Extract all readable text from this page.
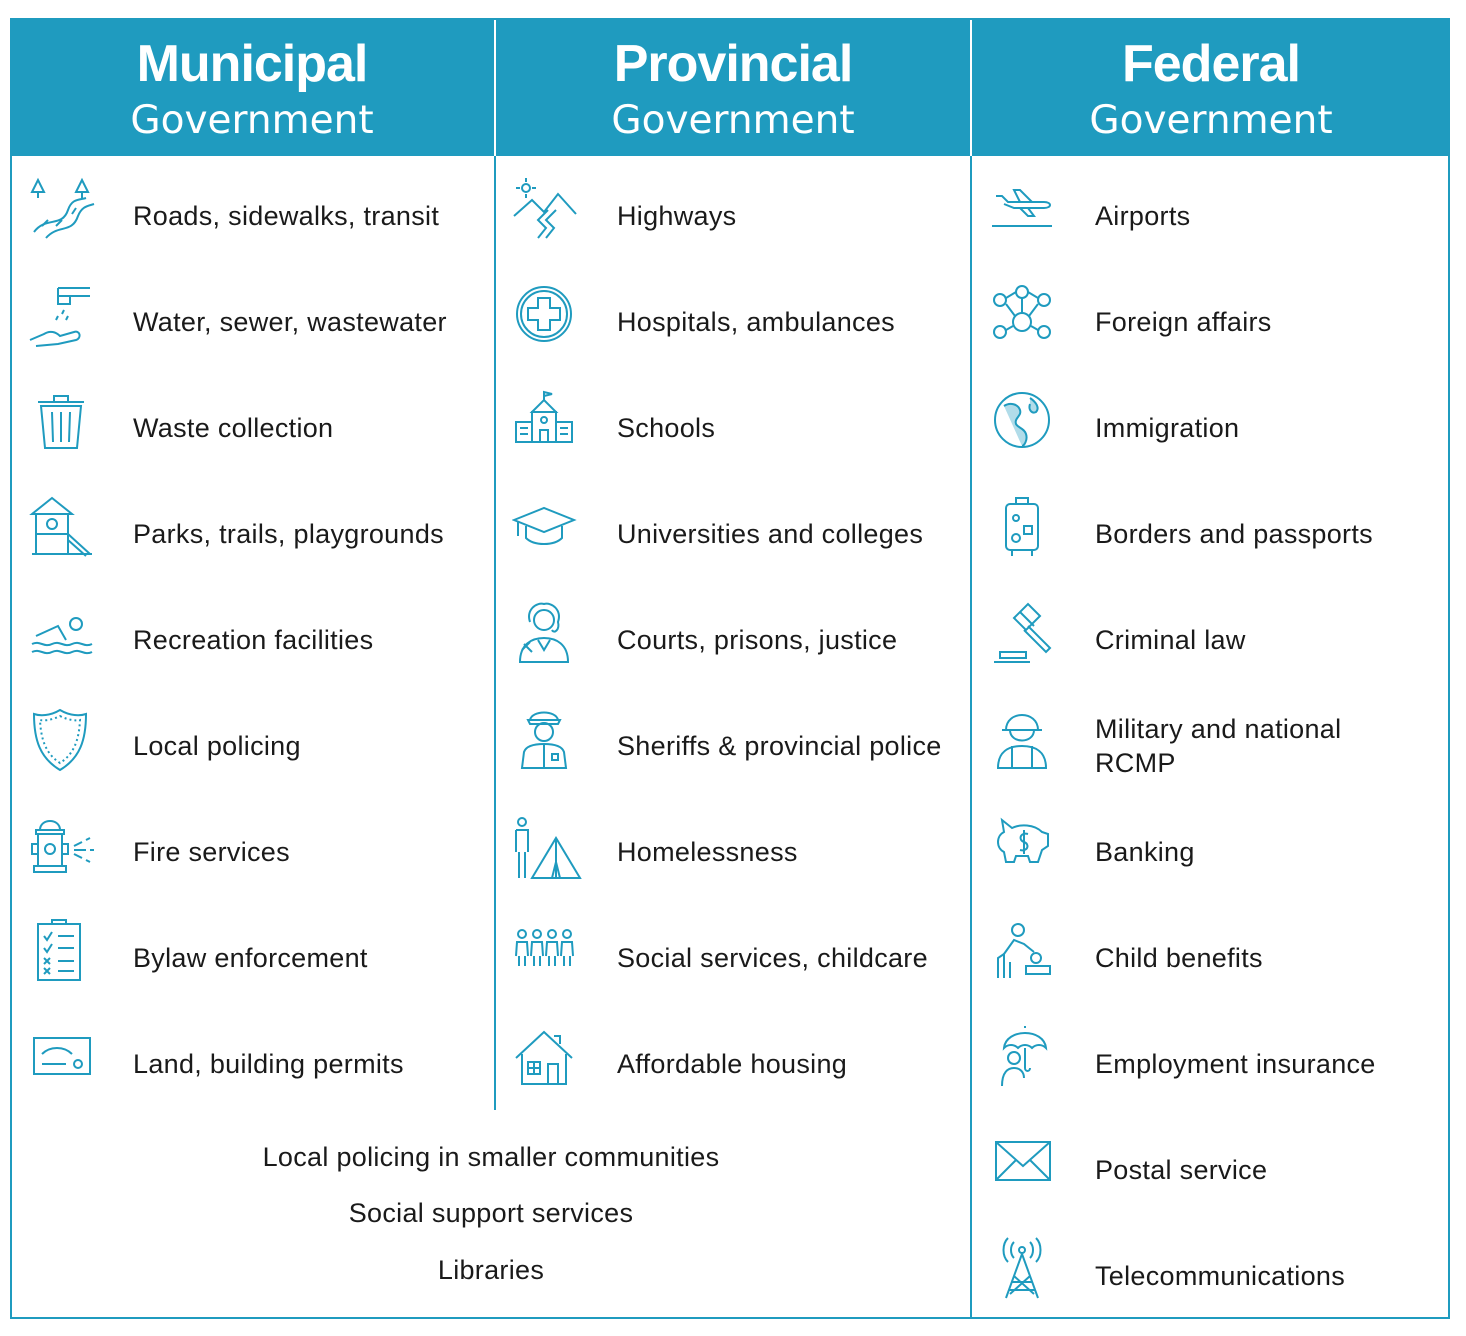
Municipal
Government
Provincial
Government
Federal
Government
Roads, sidewalks, transit
Water, sewer, wastewater
Waste collection
Parks, trails, playgrounds
Recreation facilities
Local policing
Fire services
Bylaw enforcement
Land, building permits
Highways
Hospitals, ambulances
Schools
Universities and colleges
Courts, prisons, justice
Sheriffs & provincial police
Homelessness
Social services, childcare
Affordable housing
Airports
Foreign affairs
Immigration
Borders and passports
Criminal law
Military and national
RCMP
Banking
Child benefits
Employment insurance
Postal service
Telecommunications
Local policing in smaller communities
Social support services
Libraries
